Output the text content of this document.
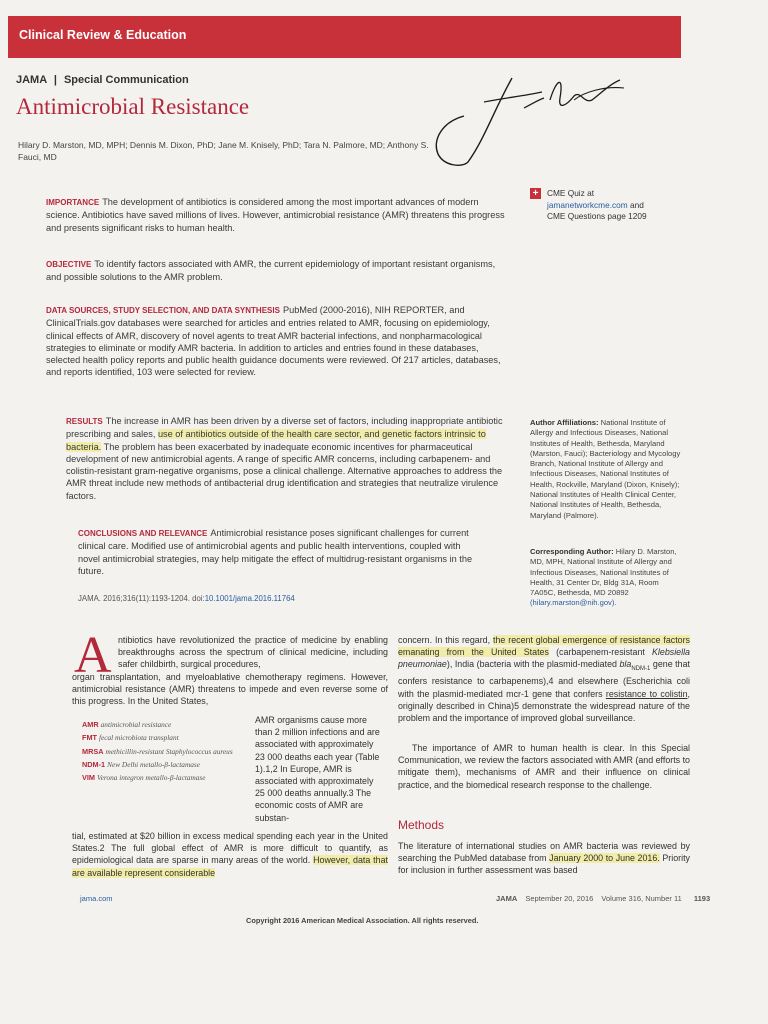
Clinical Review & Education
JAMA | Special Communication
Antimicrobial Resistance
Hilary D. Marston, MD, MPH; Dennis M. Dixon, PhD; Jane M. Knisely, PhD; Tara N. Palmore, MD; Anthony S. Fauci, MD
+	CME Quiz at
jamanetworkcme.com and
CME Questions page 1209
IMPORTANCE The development of antibiotics is considered among the most important advances of modern science. Antibiotics have saved millions of lives. However, antimicrobial resistance (AMR) threatens this progress and presents significant risks to human health.
OBJECTIVE To identify factors associated with AMR, the current epidemiology of important resistant organisms, and possible solutions to the AMR problem.
DATA SOURCES, STUDY SELECTION, AND DATA SYNTHESIS PubMed (2000-2016), NIH REPORTER, and ClinicalTrials.gov databases were searched for articles and entries related to AMR, focusing on epidemiology, clinical effects of AMR, discovery of novel agents to treat AMR bacterial infections, and nonpharmacological strategies to eliminate or modify AMR bacteria. In addition to articles and entries found in these databases, selected health policy reports and public health guidance documents were reviewed. Of 217 articles, databases, and reports identified, 103 were selected for review.
RESULTS The increase in AMR has been driven by a diverse set of factors, including inappropriate antibiotic prescribing and sales, use of antibiotics outside of the health care sector, and genetic factors intrinsic to bacteria. The problem has been exacerbated by inadequate economic incentives for pharmaceutical development of new antimicrobial agents. A range of specific AMR concerns, including carbapenem- and colistin-resistant gram-negative organisms, pose a clinical challenge. Alternative approaches to address the AMR threat include new methods of antibacterial drug identification and strategies that neutralize virulence factors.
CONCLUSIONS AND RELEVANCE Antimicrobial resistance poses significant challenges for current clinical care. Modified use of antimicrobial agents and public health interventions, coupled with novel antimicrobial strategies, may help mitigate the effect of multidrug-resistant organisms in the future.
JAMA. 2016;316(11):1193-1204. doi:10.1001/jama.2016.11764
Author Affiliations: National Institute of Allergy and Infectious Diseases, National Institutes of Health, Bethesda, Maryland (Marston, Fauci); Bacteriology and Mycology Branch, National Institute of Allergy and Infectious Diseases, National Institutes of Health, Rockville, Maryland (Dixon, Knisely); National Institutes of Health Clinical Center, National Institutes of Health, Bethesda, Maryland (Palmore).
Corresponding Author: Hilary D. Marston, MD, MPH, National Institute of Allergy and Infectious Diseases, National Institutes of Health, 31 Center Dr, Bldg 31A, Room 7A05C, Bethesda, MD 20892 (hilary.marston@nih.gov).

A ntibiotics have revolutionized the practice of medicine by enabling breakthroughs across the spectrum of clinical medicine, including safer childbirth, surgical procedures,
organ transplantation, and myeloablative chemotherapy regimens. However, antimicrobial resistance (AMR) threatens to impede and even reverse some of this progress. In the United States,
AMR antimicrobial resistance
FMT fecal microbiota transplant
MRSA methicillin-resistant Staphylococcus aureus
NDM-1 New Delhi metallo-β-lactamase
VIM Verona integron metallo-β-lactamase
AMR organisms cause more than 2 million infections and are associated with approximately 23 000 deaths each year (Table 1).1,2 In Europe, AMR is associated with approximately 25 000 deaths annually.3 The economic costs of AMR are substan-
tial, estimated at $20 billion in excess medical spending each year in the United States.2 The full global effect of AMR is more difficult to quantify, as epidemiological data are sparse in many areas of the world. However, data that are available represent considerable
concern. In this regard, the recent global emergence of resistance factors emanating from the United States (carbapenem-resistant Klebsiella pneumoniae), India (bacteria with the plasmid-mediated bla$_{NDM-1}$ gene that confers resistance to carbapenems),4 and elsewhere (Escherichia coli with the plasmid-mediated mcr-1 gene that confers resistance to colistin, originally described in China)5 demonstrate the widespread nature of the problem and the importance of improved global surveillance.
The importance of AMR to human health is clear. In this Special Communication, we review the factors associated with AMR (and efforts to mitigate them), mechanisms of AMR and their influence on clinical practice, and the biomedical research response to the challenge.
Methods
The literature of international studies on AMR bacteria was reviewed by searching the PubMed database from January 2000 to June 2016. Priority for inclusion in further assessment was based
jama.com	JAMA September 20, 2016 Volume 316, Number 11 1193
Copyright 2016 American Medical Association. All rights reserved.
